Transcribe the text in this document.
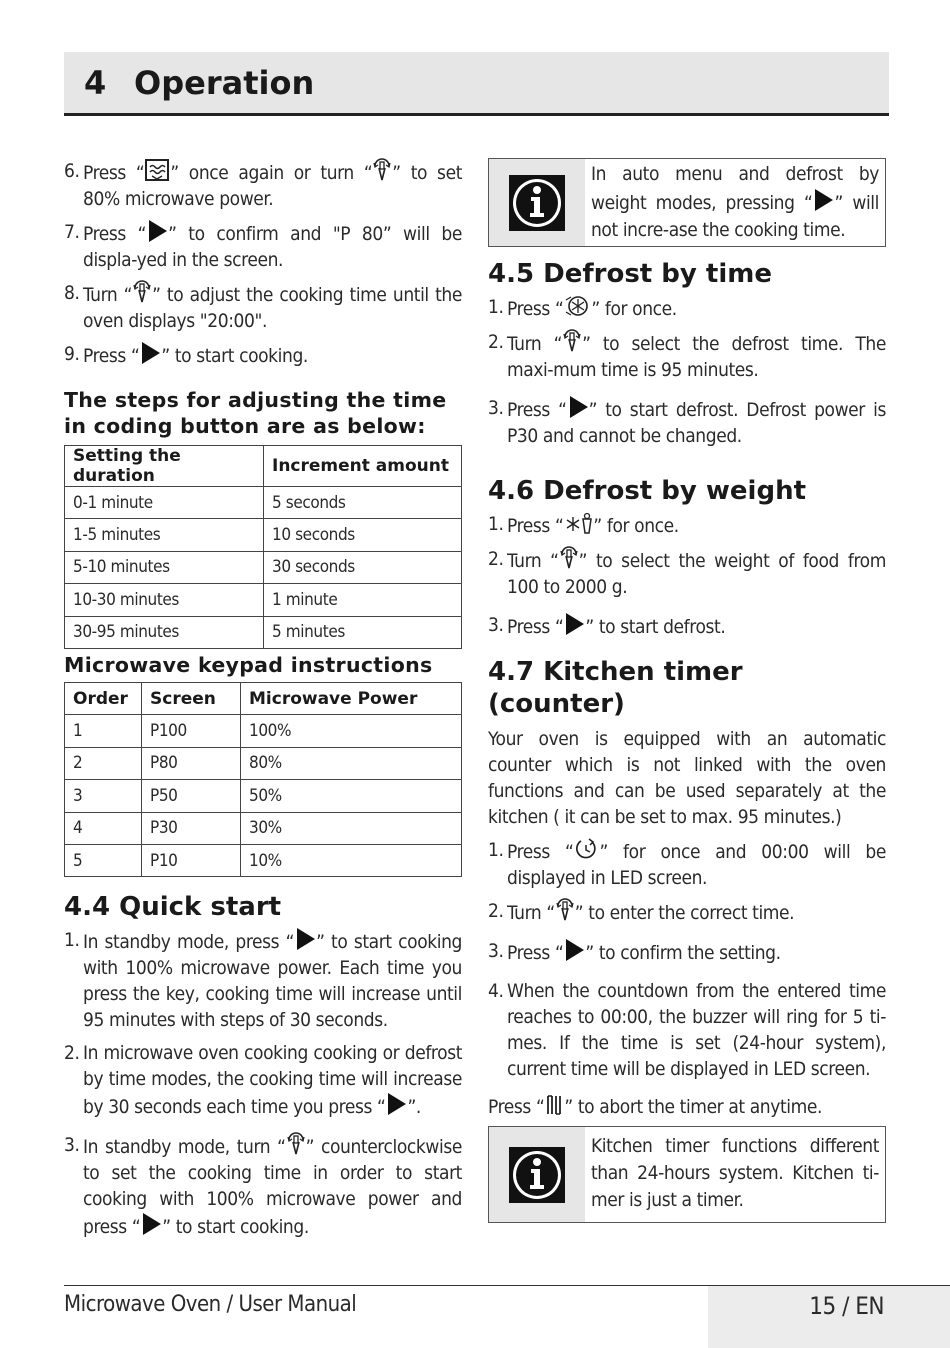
4 Operation
6. Press “ ” once again or turn “ ” to set 80% microwave power.
7. Press “ ” to confirm and "P 80” will be displa-yed in the screen.
8. Turn “ ” to adjust the cooking time until the oven displays "20:00".
9. Press “ ” to start cooking.
The steps for adjusting the time in coding button are as below:
Setting the duration	Increment amount
0-1 minute	5 seconds
1-5 minutes	10 seconds
5-10 minutes	30 seconds
10-30 minutes	1 minute
30-95 minutes	5 minutes
Microwave keypad instructions
Order	Screen	Microwave Power
1	P100	100%
2	P80	80%
3	P50	50%
4	P30	30%
5	P10	10%
4.4 Quick start
1. In standby mode, press “ ” to start cooking with 100% microwave power. Each time you press the key, cooking time will increase until 95 minutes with steps of 30 seconds.
2. In microwave oven cooking cooking or defrost by time modes, the cooking time will increase by 30 seconds each time you press “ ”.
3. In standby mode, turn “ ” counterclockwise to set the cooking time in order to start cooking with 100% microwave power and press “ ” to start cooking.
In auto menu and defrost by weight modes, pressing “ ” will not incre-ase the cooking time.
4.5 Defrost by time
1. Press “ ” for once.
2. Turn “ ” to select the defrost time. The maxi-mum time is 95 minutes.
3. Press “ ” to start defrost. Defrost power is P30 and cannot be changed.
4.6 Defrost by weight
1. Press “ ” for once.
2. Turn “ ” to select the weight of food from 100 to 2000 g.
3. Press “ ” to start defrost.
4.7 Kitchen timer (counter)
Your oven is equipped with an automatic counter which is not linked with the oven functions and can be used separately at the kitchen ( it can be set to max. 95 minutes.)
1. Press “ ” for once and 00:00 will be displayed in LED screen.
2. Turn “ ” to enter the correct time.
3. Press “ ” to confirm the setting.
4. When the countdown from the entered time reaches to 00:00, the buzzer will ring for 5 ti-mes. If the time is set (24-hour system), current time will be displayed in LED screen.
Press “ ” to abort the timer at anytime.
Kitchen timer functions different than 24-hours system. Kitchen ti-mer is just a timer.
Microwave Oven / User Manual	15 / EN
